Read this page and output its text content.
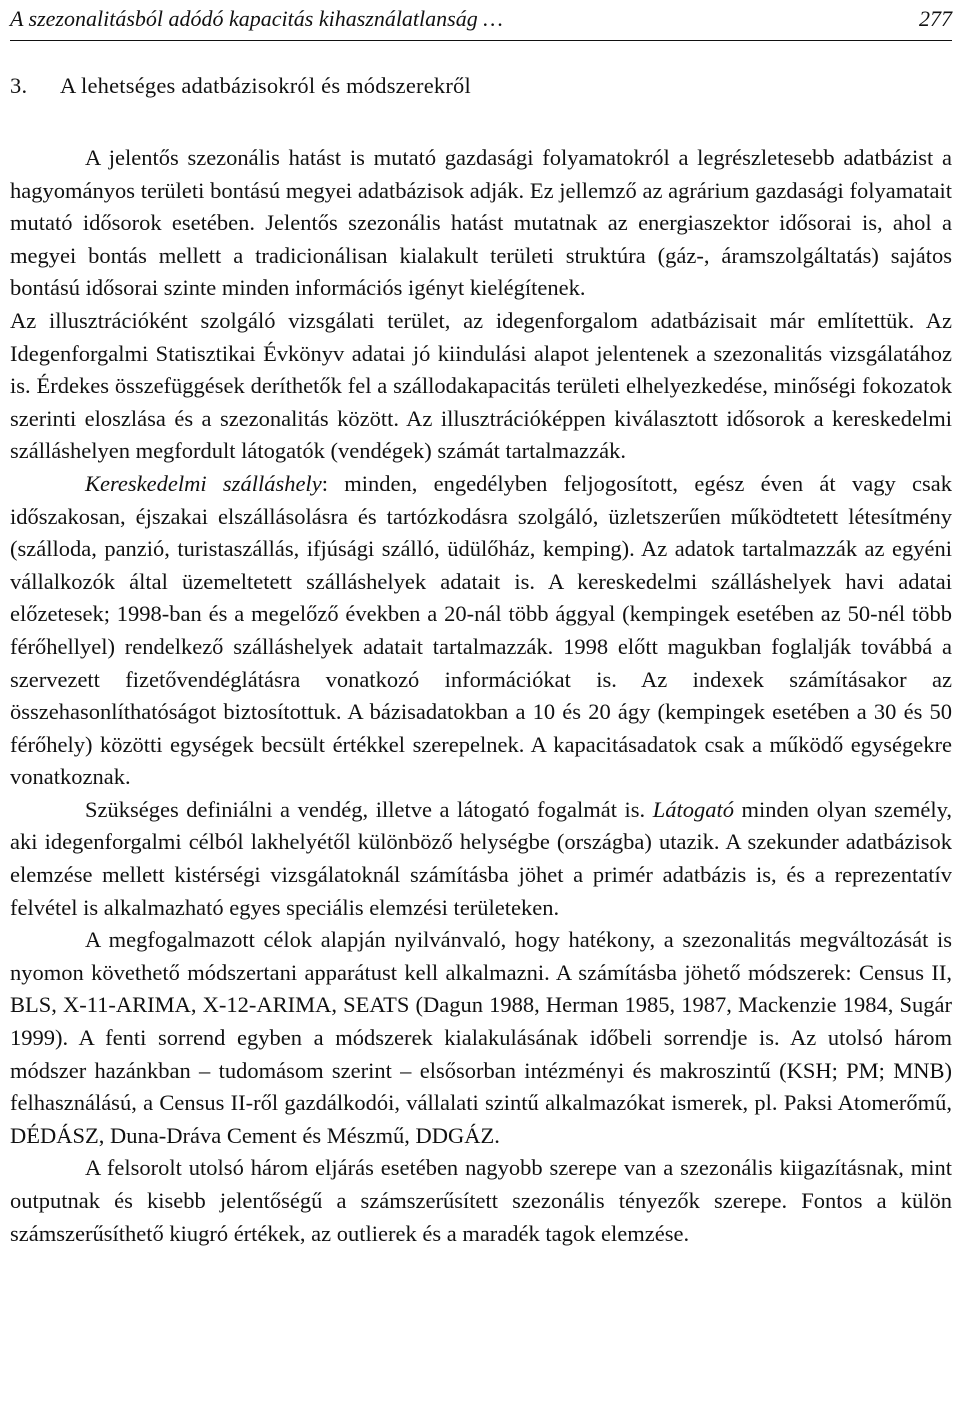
A szezonalitásból adódó kapacitás kihasználatlanság …	277
3. A lehetséges adatbázisokról és módszerekről

A jelentős szezonális hatást is mutató gazdasági folyamatokról a legrészletesebb adatbázist a hagyományos területi bontású megyei adatbázisok adják. Ez jellemző az agrárium gazdasági folyamatait mutató idősorok esetében. Jelentős szezonális hatást mutatnak az energiaszektor idősorai is, ahol a megyei bontás mellett a tradicionálisan kialakult területi struktúra (gáz-, áramszolgáltatás) sajátos bontású idősorai szinte minden információs igényt kielégítenek.

Az illusztrációként szolgáló vizsgálati terület, az idegenforgalom adatbázisait már említettük. Az Idegenforgalmi Statisztikai Évkönyv adatai jó kiindulási alapot jelentenek a szezonalitás vizsgálatához is. Érdekes összefüggések deríthetők fel a szállodakapacitás területi elhelyezkedése, minőségi fokozatok szerinti eloszlása és a szezonalitás között. Az illusztrációképpen kiválasztott idősorok a kereskedelmi szálláshelyen megfordult látogatók (vendégek) számát tartalmazzák.

Kereskedelmi szálláshely: minden, engedélyben feljogosított, egész éven át vagy csak időszakosan, éjszakai elszállásolásra és tartózkodásra szolgáló, üzletszerűen működtetett létesítmény (szálloda, panzió, turistaszállás, ifjúsági szálló, üdülőház, kemping). Az adatok tartalmazzák az egyéni vállalkozók által üzemeltetett szálláshelyek adatait is. A kereskedelmi szálláshelyek havi adatai előzetesek; 1998-ban és a megelőző években a 20-nál több ággyal (kempingek esetében az 50-nél több férőhellyel) rendelkező szálláshelyek adatait tartalmazzák. 1998 előtt magukban foglalják továbbá a szervezett fizetővendéglátásra vonatkozó információkat is. Az indexek számításakor az összehasonlíthatóságot biztosítottuk. A bázisadatokban a 10 és 20 ágy (kempingek esetében a 30 és 50 férőhely) közötti egységek becsült értékkel szerepelnek. A kapacitásadatok csak a működő egységekre vonatkoznak.

Szükséges definiálni a vendég, illetve a látogató fogalmát is. Látogató minden olyan személy, aki idegenforgalmi célból lakhelyétől különböző helységbe (országba) utazik. A szekunder adatbázisok elemzése mellett kistérségi vizsgálatoknál számításba jöhet a primér adatbázis is, és a reprezentatív felvétel is alkalmazható egyes speciális elemzési területeken.

A megfogalmazott célok alapján nyilvánvaló, hogy hatékony, a szezonalitás megváltozását is nyomon követhető módszertani apparátust kell alkalmazni. A számításba jöhető módszerek: Census II, BLS, X-11-ARIMA, X-12-ARIMA, SEATS (Dagun 1988, Herman 1985, 1987, Mackenzie 1984, Sugár 1999). A fenti sorrend egyben a módszerek kialakulásának időbeli sorrendje is. Az utolsó három módszer hazánkban – tudomásom szerint – elsősorban intézményi és makroszintű (KSH; PM; MNB) felhasználású, a Census II-ről gazdálkodói, vállalati szintű alkalmazókat ismerek, pl. Paksi Atomerőmű, DÉDÁSZ, Duna-Dráva Cement és Mészmű, DDGÁZ.

A felsorolt utolsó három eljárás esetében nagyobb szerepe van a szezonális kiigazításnak, mint outputnak és kisebb jelentőségű a számszerűsített szezonális tényezők szerepe. Fontos a külön számszerűsíthető kiugró értékek, az outlierek és a maradék tagok elemzése.
